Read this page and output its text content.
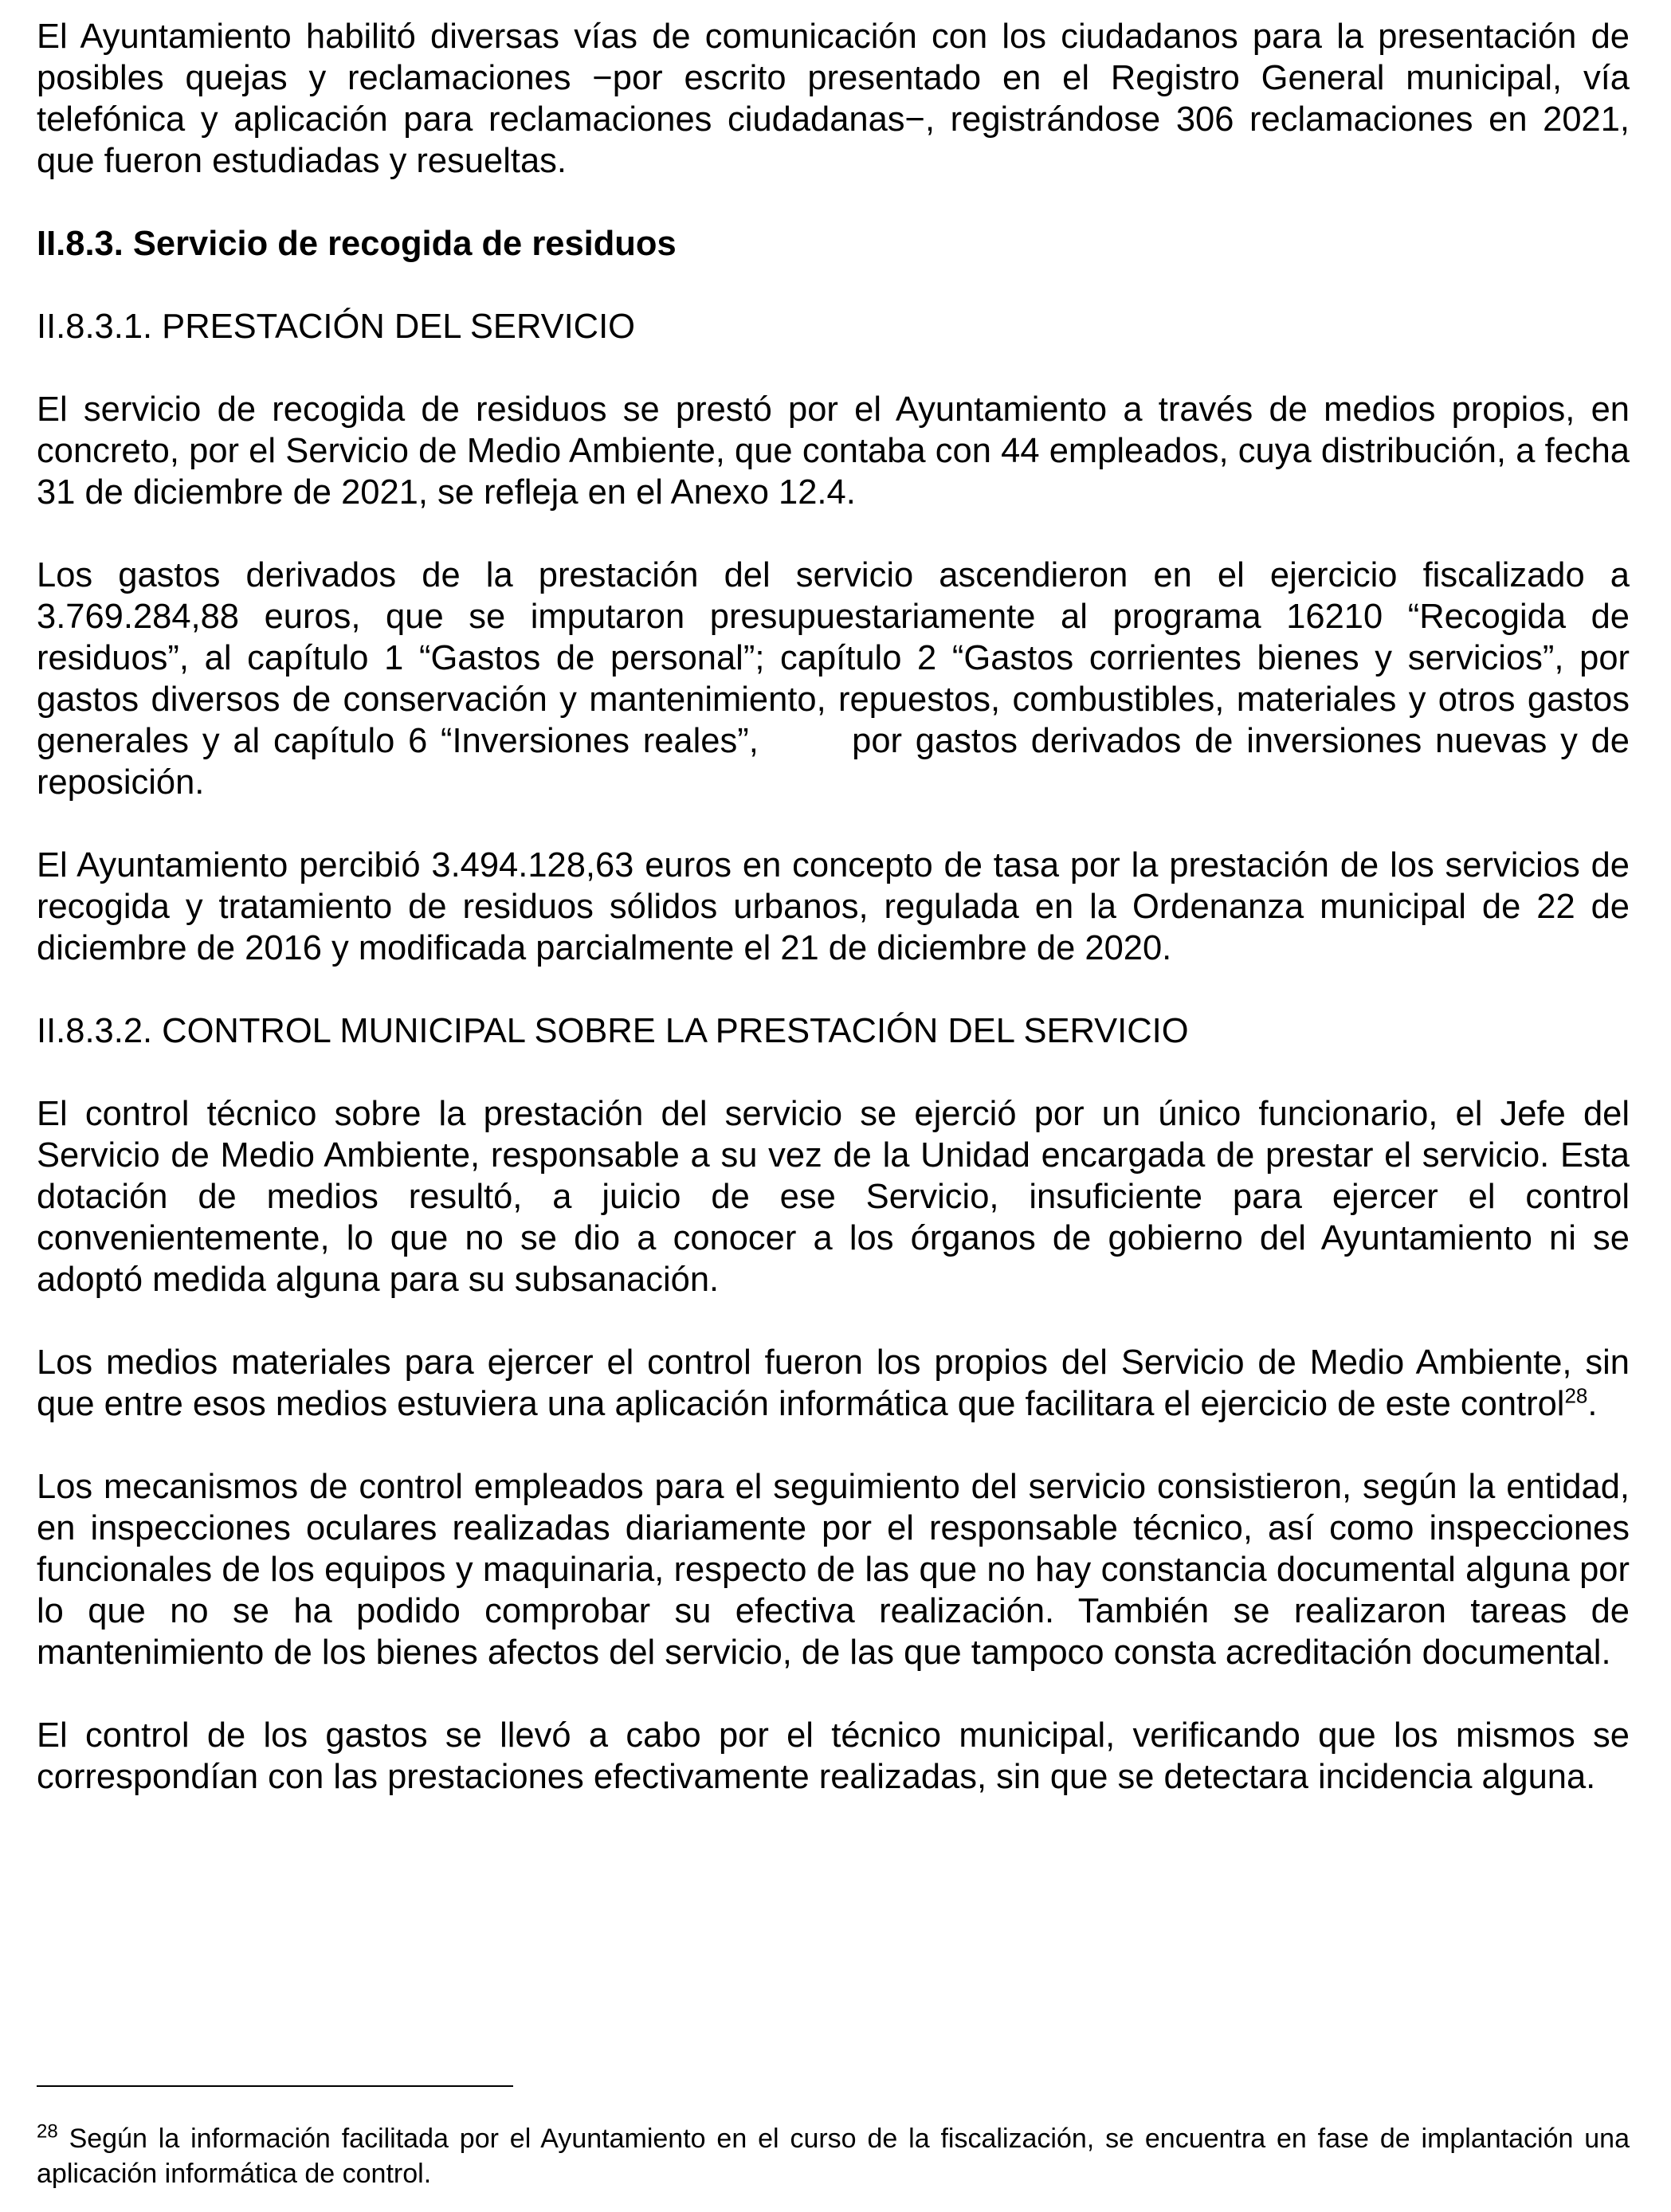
El Ayuntamiento habilitó diversas vías de comunicación con los ciudadanos para la presentación de posibles quejas y reclamaciones −por escrito presentado en el Registro General municipal, vía telefónica y aplicación para reclamaciones ciudadanas−, registrándose 306 reclamaciones en 2021, que fueron estudiadas y resueltas.

II.8.3. Servicio de recogida de residuos
II.8.3.1. PRESTACIÓN DEL SERVICIO

El servicio de recogida de residuos se prestó por el Ayuntamiento a través de medios propios, en concreto, por el Servicio de Medio Ambiente, que contaba con 44 empleados, cuya distribución, a fecha 31 de diciembre de 2021, se refleja en el Anexo 12.4.

Los gastos derivados de la prestación del servicio ascendieron en el ejercicio fiscalizado a 3.769.284,88 euros, que se imputaron presupuestariamente al programa 16210 “Recogida de residuos”, al capítulo 1 “Gastos de personal”; capítulo 2 “Gastos corrientes bienes y servicios”, por gastos diversos de conservación y mantenimiento, repuestos, combustibles, materiales y otros gastos generales y al capítulo 6 “Inversiones reales”,       por gastos derivados de inversiones nuevas y de reposición.

El Ayuntamiento percibió 3.494.128,63 euros en concepto de tasa por la prestación de los servicios de recogida y tratamiento de residuos sólidos urbanos, regulada en la Ordenanza municipal de 22 de diciembre de 2016 y modificada parcialmente el 21 de diciembre de 2020.

II.8.3.2. CONTROL MUNICIPAL SOBRE LA PRESTACIÓN DEL SERVICIO

El control técnico sobre la prestación del servicio se ejerció por un único funcionario, el Jefe del Servicio de Medio Ambiente, responsable a su vez de la Unidad encargada de prestar el servicio. Esta dotación de medios resultó, a juicio de ese Servicio, insuficiente para ejercer el control convenientemente, lo que no se dio a conocer a los órganos de gobierno del Ayuntamiento ni se adoptó medida alguna para su subsanación.

Los medios materiales para ejercer el control fueron los propios del Servicio de Medio Ambiente, sin que entre esos medios estuviera una aplicación informática que facilitara el ejercicio de este control$^{28}$.

Los mecanismos de control empleados para el seguimiento del servicio consistieron, según la entidad, en inspecciones oculares realizadas diariamente por el responsable técnico, así como inspecciones funcionales de los equipos y maquinaria, respecto de las que no hay constancia documental alguna por lo que no se ha podido comprobar su efectiva realización. También se realizaron tareas de mantenimiento de los bienes afectos del servicio, de las que tampoco consta acreditación documental.

El control de los gastos se llevó a cabo por el técnico municipal, verificando que los mismos se correspondían con las prestaciones efectivamente realizadas, sin que se detectara incidencia alguna.

$^{28}$ Según la información facilitada por el Ayuntamiento en el curso de la fiscalización, se encuentra en fase de implantación una aplicación informática de control.
